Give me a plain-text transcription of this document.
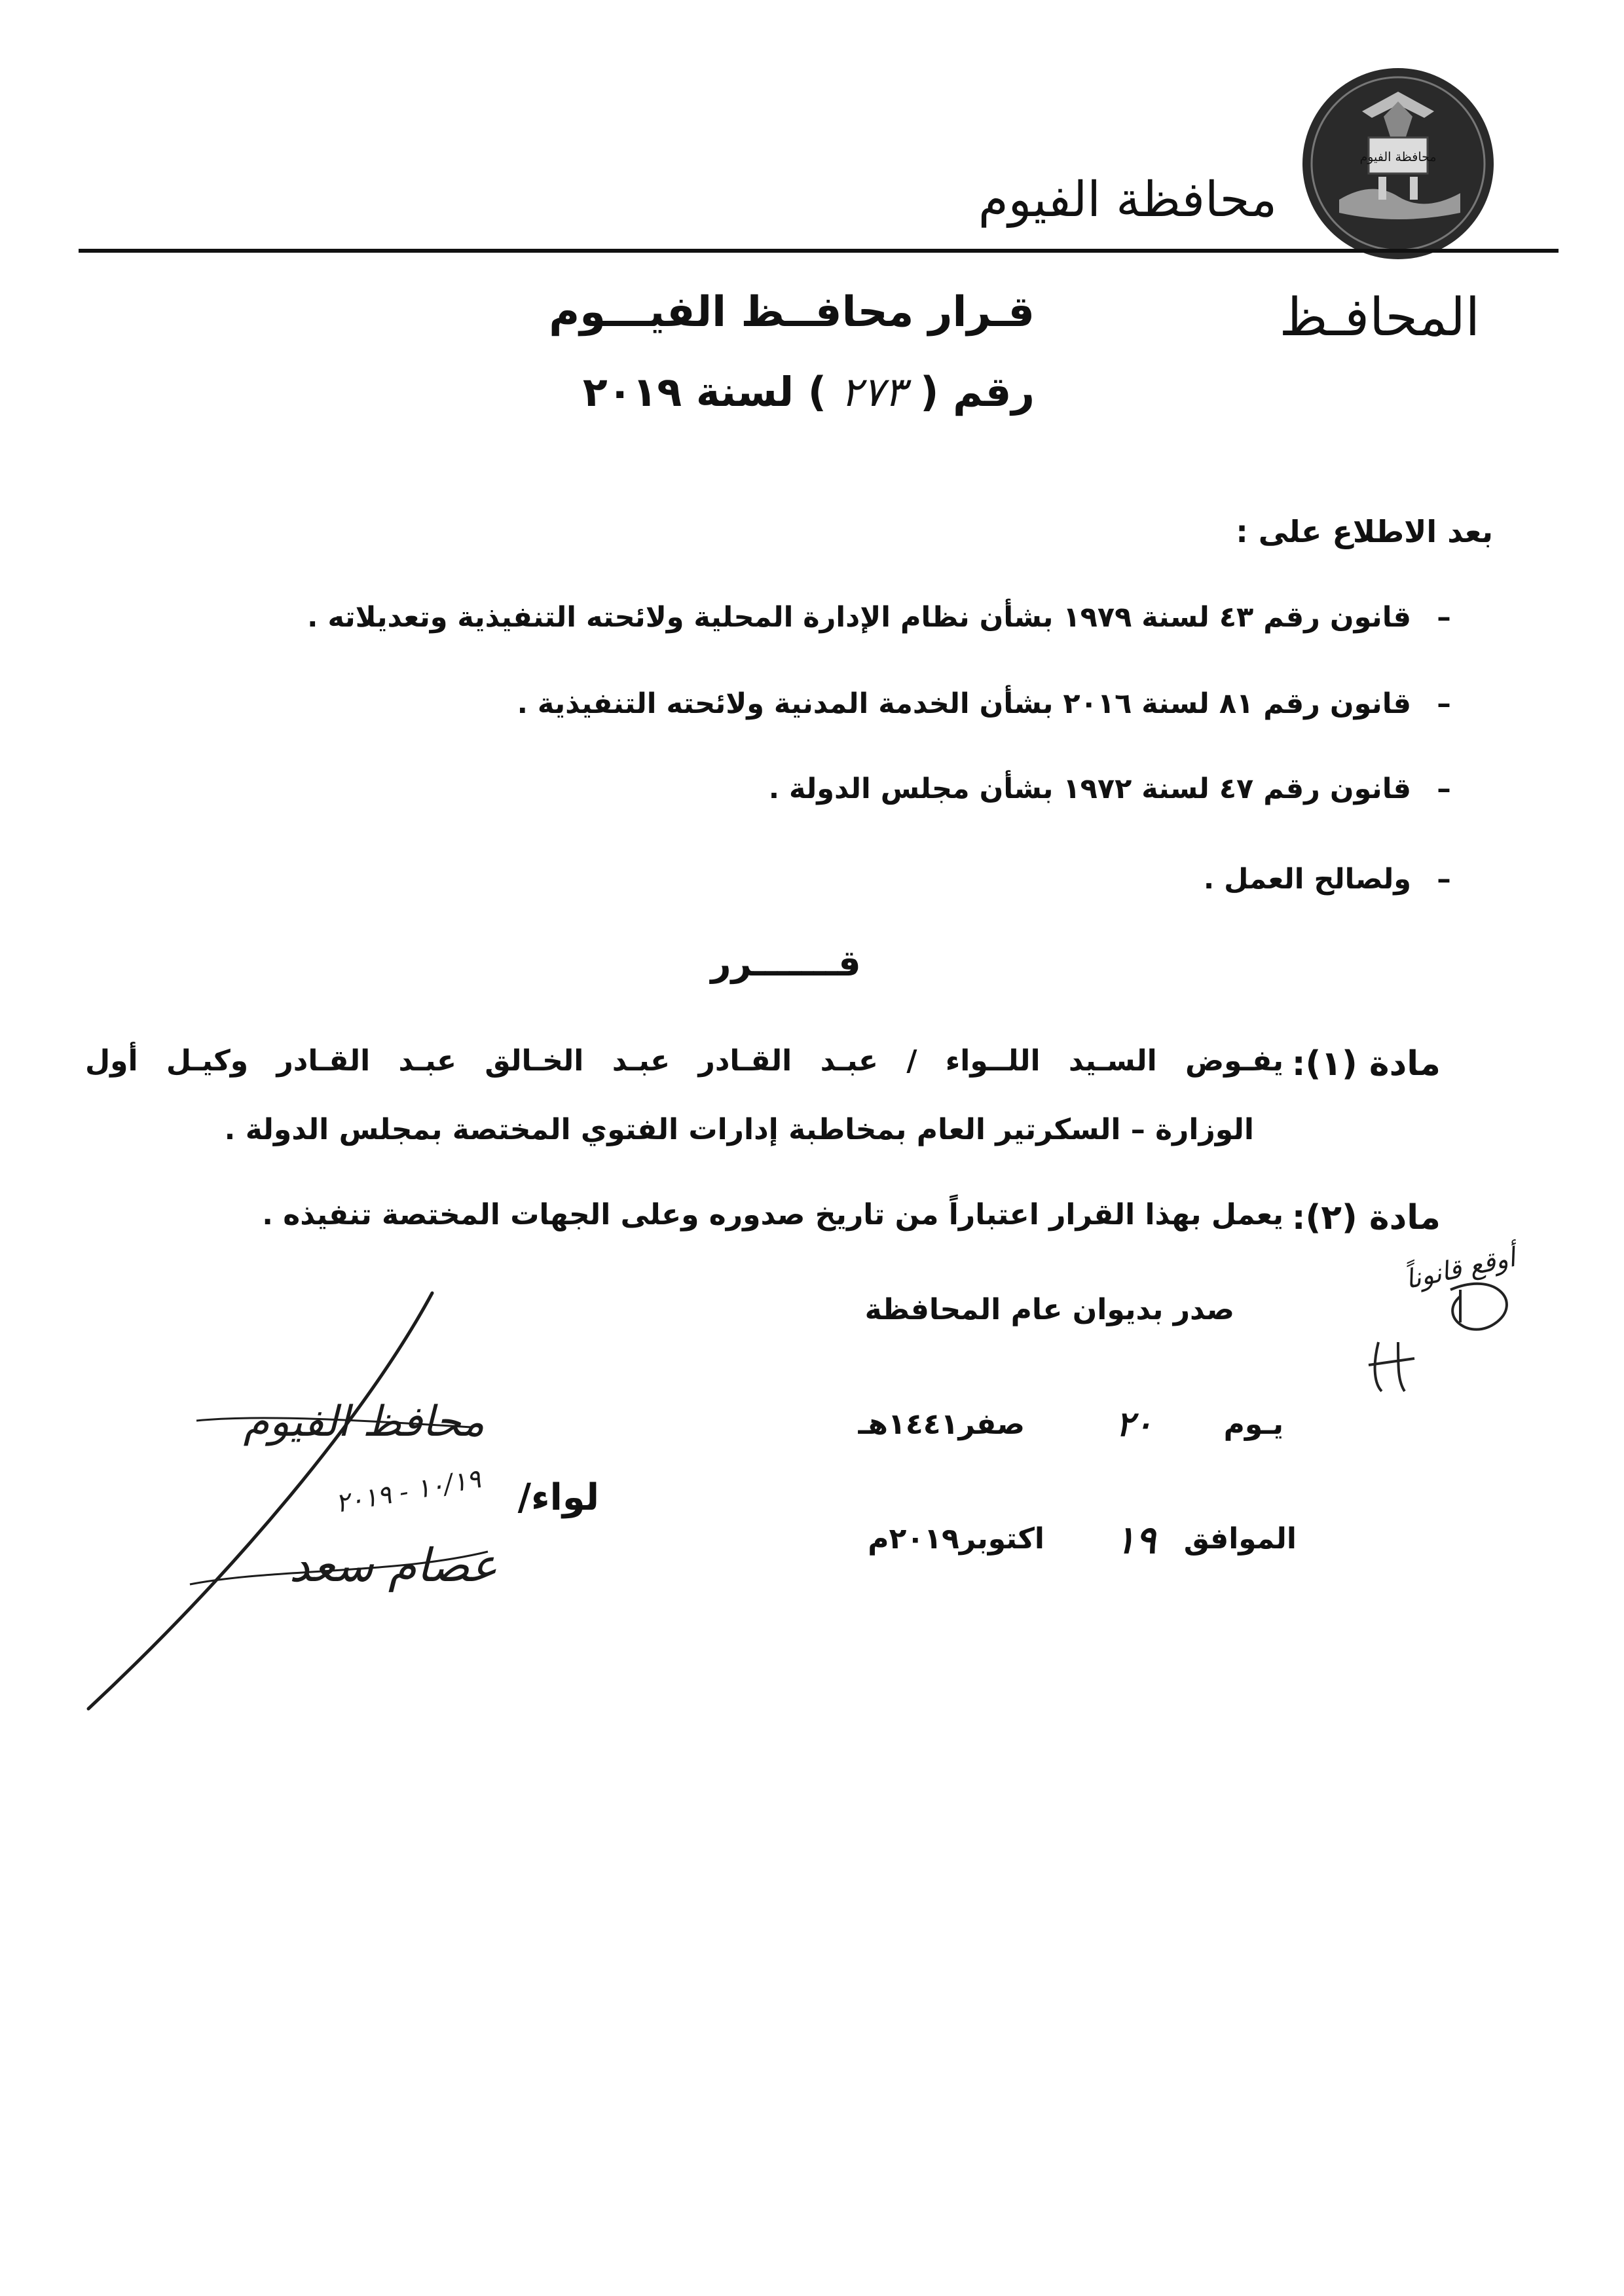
محافظة الفيوم
محافظة الفيوم
المحافـظ
قـرار محافــظ الفيـــوم
رقم ( ٢٧٣ ) لسنة ٢٠١٩
بعد الاطلاع على :
–
قانون رقم ٤٣ لسنة ١٩٧٩ بشأن نظام الإدارة المحلية ولائحته التنفيذية وتعديلاته .
–
قانون رقم ٨١ لسنة ٢٠١٦ بشأن الخدمة المدنية ولائحته التنفيذية .
–
قانون رقم ٤٧ لسنة ١٩٧٢ بشأن مجلس الدولة .
–
ولصالح العمل .
قـــــــرر
مادة (١):
يفـوض السـيد اللــواء / عبـد القـادر عبـد الخـالق عبـد القـادر وكيـل أول
الوزارة – السكرتير العام بمخاطبة إدارات الفتوي المختصة بمجلس الدولة .
مادة (٢):
يعمل بهذا القرار اعتباراً من تاريخ صدوره وعلى الجهات المختصة تنفيذه .
صدر بديوان عام المحافظة
يـوم
٢٠
صفر١٤٤١هـ
الموافق
١٩
اكتوبر٢٠١٩م
محافظ الفيوم
لواء/
١٠/١٩ - ٢٠١٩
عصام سعد
أوقع قانوناً
